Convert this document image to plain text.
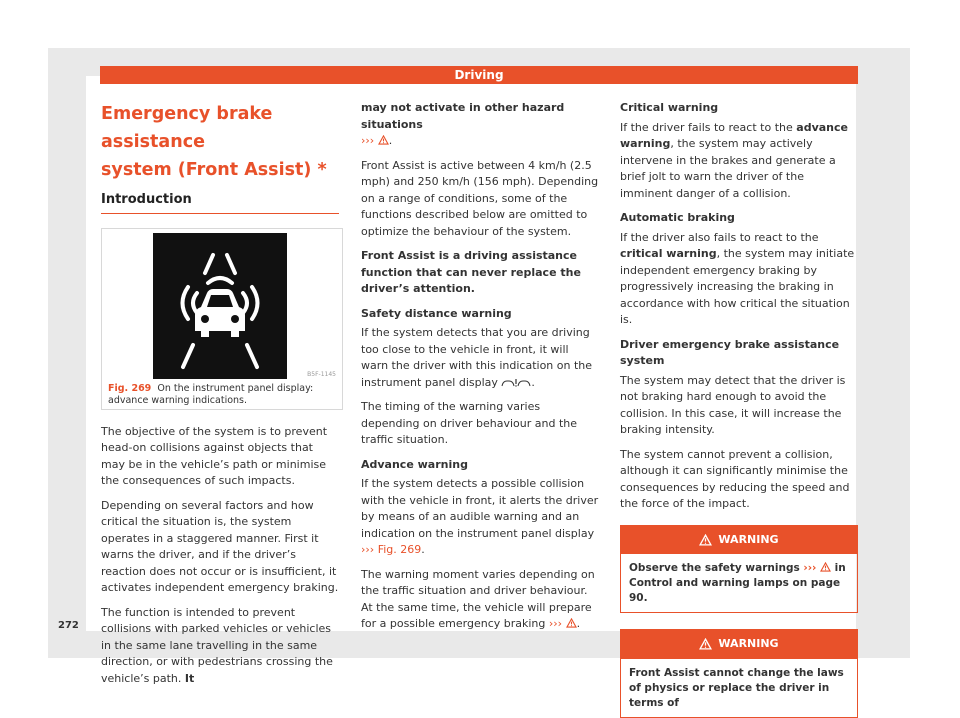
Driving
Emergency brake assistance
system (Front Assist) *
Introduction
B5F-1145
Fig. 269 On the instrument panel display: advance warning indications.

The objective of the system is to prevent head-on collisions against objects that may be in the vehicle’s path or minimise the consequences of such impacts.

Depending on several factors and how critical the situation is, the system operates in a staggered manner. First it warns the driver, and if the driver’s reaction does not occur or is insufficient, it activates independent emergency braking.

The function is intended to prevent collisions with parked vehicles or vehicles in the same lane travelling in the same direction, or with pedestrians crossing the vehicle’s path. It

may not activate in other hazard situations
››› .

Front Assist is active between 4 km/h (2.5 mph) and 250 km/h (156 mph). Depending on a range of conditions, some of the functions described below are omitted to optimize the behaviour of the system.

Front Assist is a driving assistance function that can never replace the driver’s attention.

Safety distance warning

If the system detects that you are driving too close to the vehicle in front, it will warn the driver with this indication on the instrument panel display	.

The timing of the warning varies depending on driver behaviour and the traffic situation.

Advance warning

If the system detects a possible collision with the vehicle in front, it alerts the driver by means of an audible warning and an indication on the instrument panel display
››› Fig. 269.

The warning moment varies depending on the traffic situation and driver behaviour. At the same time, the vehicle will prepare for a possible emergency braking ››› .

Critical warning

If the driver fails to react to the advance warning, the system may actively intervene in the brakes and generate a brief jolt to warn the driver of the imminent danger of a collision.

Automatic braking

If the driver also fails to react to the critical warning, the system may initiate independent emergency braking by progressively increasing the braking in accordance with how critical the situation is.

Driver emergency brake assistance system

The system may detect that the driver is not braking hard enough to avoid the collision. In this case, it will increase the braking intensity.

The system cannot prevent a collision, although it can significantly minimise the consequences by reducing the speed and the force of the impact.

WARNING
Observe the safety warnings ››› in Control and warning lamps on page 90.
WARNING
Front Assist cannot change the laws of physics or replace the driver in terms of
272
